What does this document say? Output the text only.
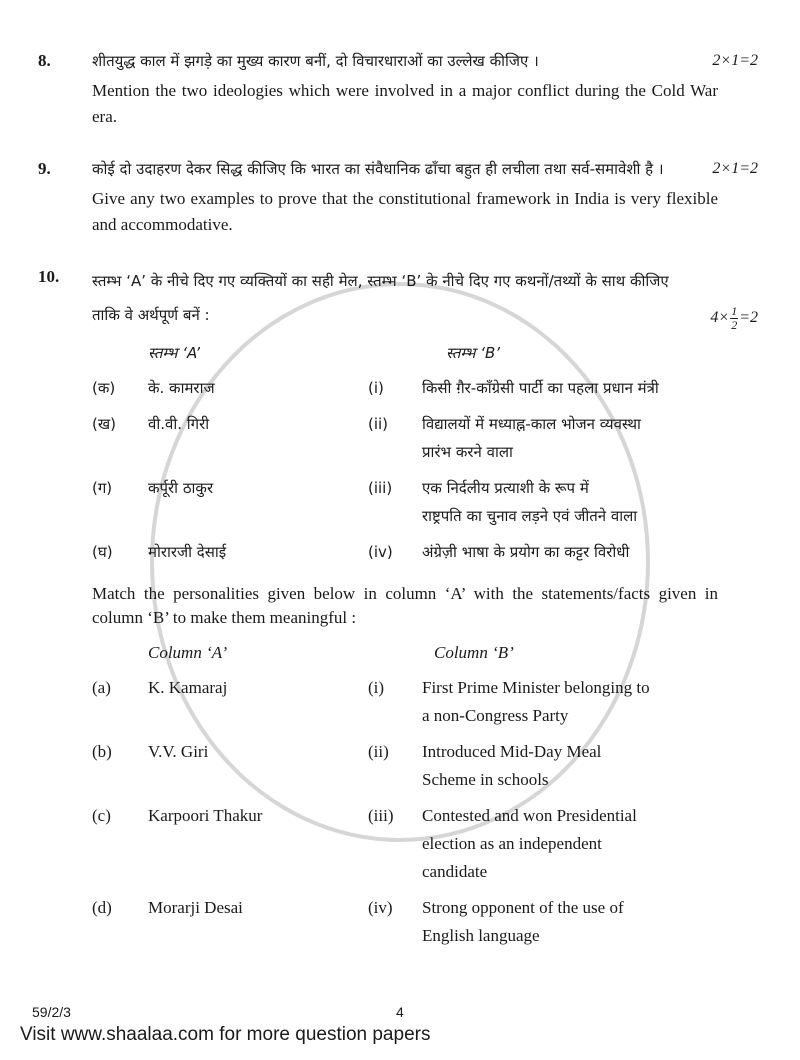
8.	शीतयुद्ध काल में झगड़े का मुख्य कारण बनीं, दो विचारधाराओं का उल्लेख कीजिए ।	2×1=2
Mention the two ideologies which were involved in a major conflict during the Cold War era.
9.	कोई दो उदाहरण देकर सिद्ध कीजिए कि भारत का संवैधानिक ढाँचा बहुत ही लचीला तथा सर्व-समावेशी है ।	2×1=2
Give any two examples to prove that the constitutional framework in India is very flexible and accommodative.
10.	स्तम्भ ‘A’ के नीचे दिए गए व्यक्तियों का सही मेल, स्तम्भ ‘B’ के नीचे दिए गए कथनों/तथ्यों के साथ कीजिए ताकि वे अर्थपूर्ण बनें :	$4\times \frac{1}{2} =2$
स्तम्भ ‘A’	स्तम्भ ‘B’
(क)	के. कामराज	(i)	किसी ग़ैर-काँग्रेसी पार्टी का पहला प्रधान मंत्री
(ख)	वी.वी. गिरी	(ii)	विद्यालयों में मध्याह्न-काल भोजन व्यवस्था
प्रारंभ करने वाला
(ग)	कर्पूरी ठाकुर	(iii)	एक निर्दलीय प्रत्याशी के रूप में
राष्ट्रपति का चुनाव लड़ने एवं जीतने वाला
(घ)	मोरारजी देसाई	(iv)	अंग्रेज़ी भाषा के प्रयोग का कट्टर विरोधी
Match the personalities given below in column ‘A’ with the statements/facts given in column ‘B’ to make them meaningful :
Column ‘A’	Column ‘B’
(a)	K. Kamaraj	(i)	First Prime Minister belonging to
a non-Congress Party
(b)	V.V. Giri	(ii)	Introduced Mid-Day Meal
Scheme in schools
(c)	Karpoori Thakur	(iii)	Contested and won Presidential
election as an independent
candidate
(d)	Morarji Desai	(iv)	Strong opponent of the use of
English language
59/2/3	4
Visit www.shaalaa.com for more question papers
